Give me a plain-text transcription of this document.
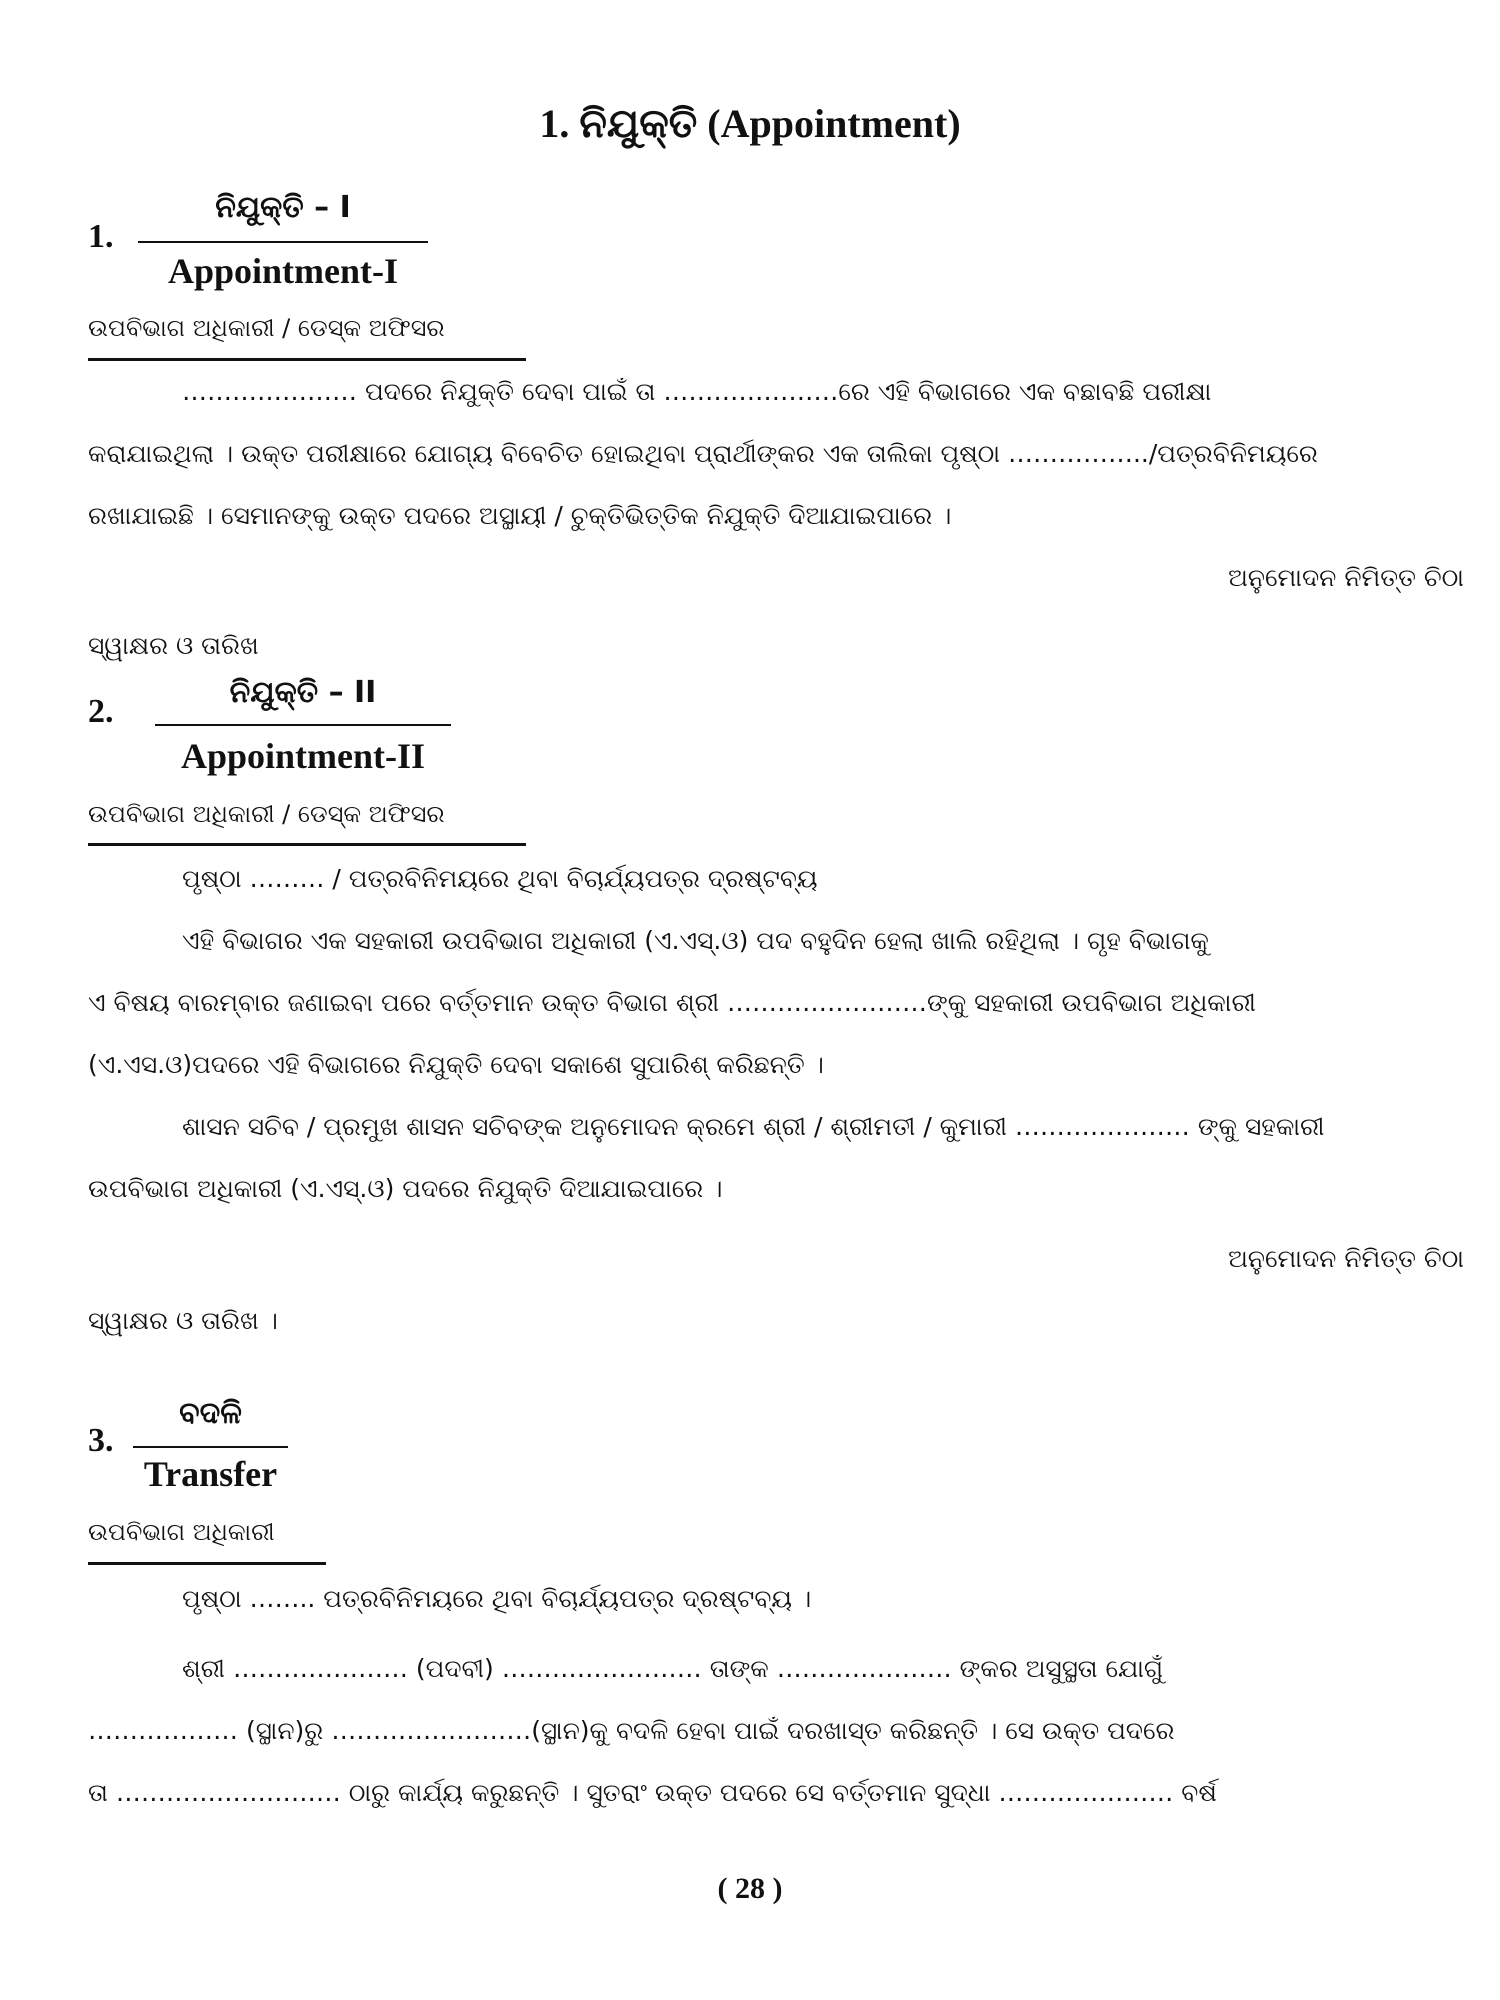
1. ନିଯୁକ୍ତି (Appointment)
1.
ନିଯୁକ୍ତି – I
Appointment-I
ଉପବିଭାଗ ଅଧିକାରୀ / ଡେସ୍କ ଅଫିସର
………………… ପଦରେ ନିଯୁକ୍ତି ଦେବା ପାଇଁ ତା …………………ରେ ଏହି ବିଭାଗରେ ଏକ ବଛାବଛି ପରୀକ୍ଷା
କରାଯାଇଥିଲା । ଉକ୍ତ ପରୀକ୍ଷାରେ ଯୋଗ୍ୟ ବିବେଚିତ ହୋଇଥିବା ପ୍ରାର୍ଥୀଙ୍କର ଏକ ତାଲିକା ପୃଷ୍ଠା ……………../ପତ୍ରବିନିମୟରେ
ରଖାଯାଇଛି । ସେମାନଙ୍କୁ ଉକ୍ତ ପଦରେ ଅସ୍ଥାୟୀ / ଚୁକ୍ତିଭିତ୍ତିକ ନିଯୁକ୍ତି ଦିଆଯାଇପାରେ ।
ଅନୁମୋଦନ ନିମିତ୍ତ ଚିଠା
ସ୍ୱାକ୍ଷର ଓ ତାରିଖ
2.
ନିଯୁକ୍ତି – II
Appointment-II
ଉପବିଭାଗ ଅଧିକାରୀ / ଡେସ୍କ ଅଫିସର
ପୃଷ୍ଠା ……… / ପତ୍ରବିନିମୟରେ ଥିବା ବିଚାର୍ଯ୍ୟପତ୍ର ଦ୍ରଷ୍ଟବ୍ୟ
ଏହି ବିଭାଗର ଏକ ସହକାରୀ ଉପବିଭାଗ ଅଧିକାରୀ (ଏ.ଏସ୍.ଓ) ପଦ ବହୁଦିନ ହେଲା ଖାଲି ରହିଥିଲା । ଗୃହ ବିଭାଗକୁ
ଏ ବିଷୟ ବାରମ୍ବାର ଜଣାଇବା ପରେ ବର୍ତ୍ତମାନ ଉକ୍ତ ବିଭାଗ ଶ୍ରୀ ……………………ଙ୍କୁ ସହକାରୀ ଉପବିଭାଗ ଅଧିକାରୀ
(ଏ.ଏସ.ଓ)ପଦରେ ଏହି ବିଭାଗରେ ନିଯୁକ୍ତି ଦେବା ସକାଶେ ସୁପାରିଶ୍ କରିଛନ୍ତି ।
ଶାସନ ସଚିବ / ପ୍ରମୁଖ ଶାସନ ସଚିବଙ୍କ ଅନୁମୋଦନ କ୍ରମେ ଶ୍ରୀ / ଶ୍ରୀମତୀ / କୁମାରୀ ………………… ଙ୍କୁ ସହକାରୀ
ଉପବିଭାଗ ଅଧିକାରୀ (ଏ.ଏସ୍.ଓ) ପଦରେ ନିଯୁକ୍ତି ଦିଆଯାଇପାରେ ।
ଅନୁମୋଦନ ନିମିତ୍ତ ଚିଠା
ସ୍ୱାକ୍ଷର ଓ ତାରିଖ ।
3.
ବଦଳି
Transfer
ଉପବିଭାଗ ଅଧିକାରୀ
ପୃଷ୍ଠା …….. ପତ୍ରବିନିମୟରେ ଥିବା ବିଚାର୍ଯ୍ୟପତ୍ର ଦ୍ରଷ୍ଟବ୍ୟ ।
ଶ୍ରୀ ………………… (ପଦବୀ) …………………… ତାଙ୍କ ………………… ଙ୍କର ଅସୁସ୍ଥତା ଯୋଗୁଁ
……………… (ସ୍ଥାନ)ରୁ ……………………(ସ୍ଥାନ)କୁ ବଦଳି ହେବା ପାଇଁ ଦରଖାସ୍ତ କରିଛନ୍ତି । ସେ ଉକ୍ତ ପଦରେ
ତା ……………………… ଠାରୁ କାର୍ଯ୍ୟ କରୁଛନ୍ତି । ସୁତରାଂ ଉକ୍ତ ପଦରେ ସେ ବର୍ତ୍ତମାନ ସୁଦ୍ଧା ………………… ବର୍ଷ
( 28 )
